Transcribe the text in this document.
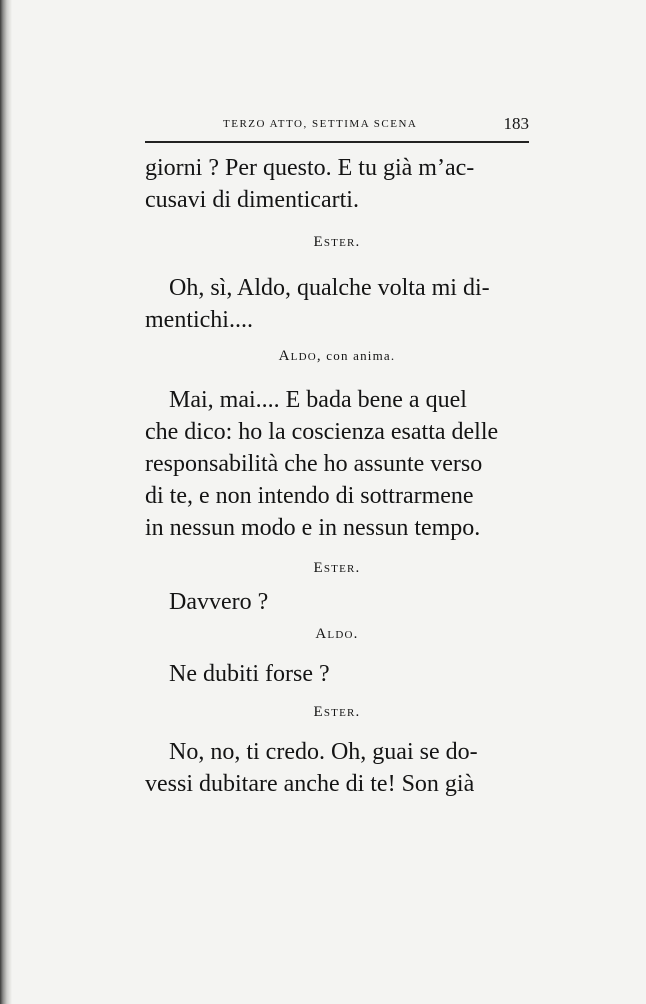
TERZO ATTO, SETTIMA SCENA	183

giorni ? Per questo. E tu già m’ac-

cusavi di dimenticarti.

Ester.

Oh, sì, Aldo, qualche volta mi di-

mentichi....

Aldo, con anima.

Mai, mai.... E bada bene a quel

che dico: ho la coscienza esatta delle

responsabilità che ho assunte verso

di te, e non intendo di sottrarmene

in nessun modo e in nessun tempo.

Ester.

Davvero ?

Aldo.

Ne dubiti forse ?

Ester.

No, no, ti credo. Oh, guai se do-

vessi dubitare anche di te! Son già
